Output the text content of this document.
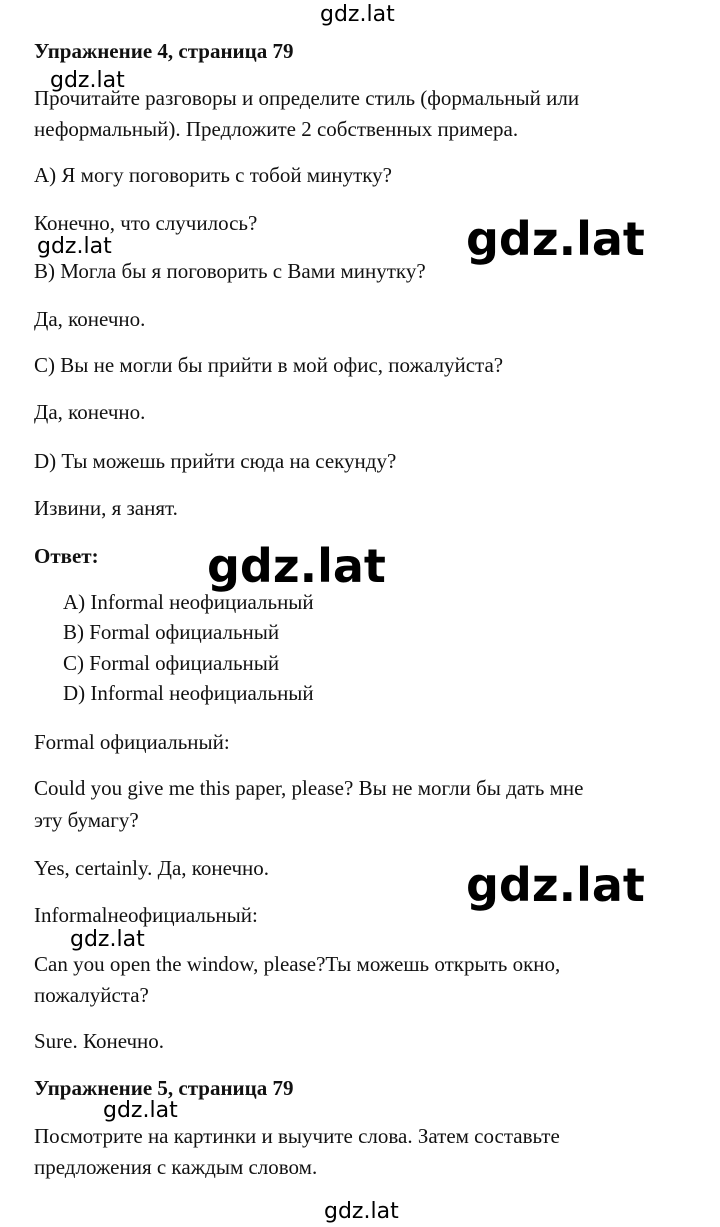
Упражнение 4, страница 79

Прочитайте разговоры и определите стиль (формальный или

неформальный). Предложите 2 собственных примера.

A) Я могу поговорить с тобой минутку?

Конечно, что случилось?

B) Могла бы я поговорить с Вами минутку?

Да, конечно.

C) Вы не могли бы прийти в мой офис, пожалуйста?

Да, конечно.

D) Ты можешь прийти сюда на секунду?

Извини, я занят.

Ответ:

A) Informal неофициальный

B) Formal официальный

C) Formal официальный

D) Informal неофициальный

Formal официальный:

Could you give me this paper, please? Вы не могли бы дать мне

эту бумагу?

Yes, certainly. Да, конечно.

Informalнеофициальный:

Can you open the window, please?Ты можешь открыть окно,

пожалуйста?

Sure. Конечно.

Упражнение 5, страница 79

Посмотрите на картинки и выучите слова. Затем составьте

предложения с каждым словом.

gdz.lat
gdz.lat
gdz.lat
gdz.lat
gdz.lat
gdz.lat
gdz.lat
gdz.lat
gdz.lat
